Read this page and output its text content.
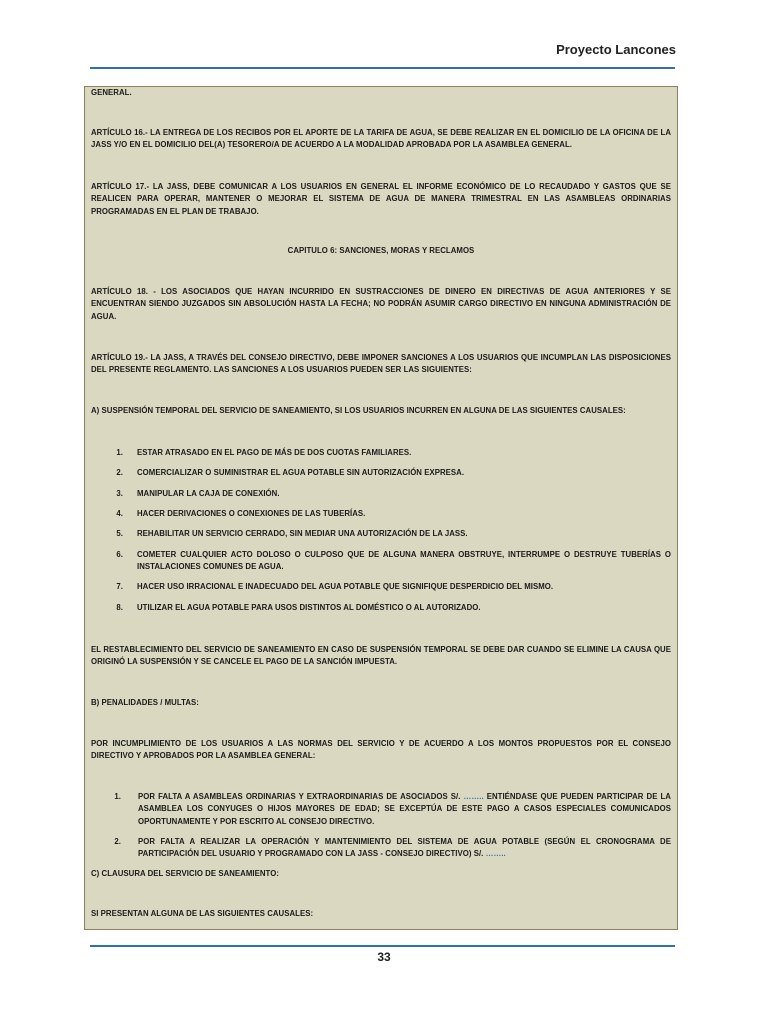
Proyecto Lancones
GENERAL.
ARTÍCULO 16.- LA ENTREGA DE LOS RECIBOS POR EL APORTE DE LA TARIFA DE AGUA, SE DEBE REALIZAR EN EL DOMICILIO DE LA OFICINA DE LA JASS Y/O EN EL DOMICILIO DEL(A) TESORERO/A DE ACUERDO A LA MODALIDAD APROBADA POR LA ASAMBLEA GENERAL.
ARTÍCULO 17.- LA JASS, DEBE COMUNICAR A LOS USUARIOS EN GENERAL EL INFORME ECONÓMICO DE LO RECAUDADO Y GASTOS QUE SE REALICEN PARA OPERAR, MANTENER O MEJORAR EL SISTEMA DE AGUA DE MANERA TRIMESTRAL EN LAS ASAMBLEAS ORDINARIAS PROGRAMADAS EN EL PLAN DE TRABAJO.
CAPITULO 6: SANCIONES, MORAS Y RECLAMOS
ARTÍCULO 18. - LOS ASOCIADOS QUE HAYAN INCURRIDO EN SUSTRACCIONES DE DINERO EN DIRECTIVAS DE AGUA ANTERIORES Y SE ENCUENTRAN SIENDO JUZGADOS SIN ABSOLUCIÓN HASTA LA FECHA; NO PODRÁN ASUMIR CARGO DIRECTIVO EN NINGUNA ADMINISTRACIÓN DE AGUA.
ARTÍCULO 19.- LA JASS, A TRAVÉS DEL CONSEJO DIRECTIVO, DEBE IMPONER SANCIONES A LOS USUARIOS QUE INCUMPLAN LAS DISPOSICIONES DEL PRESENTE REGLAMENTO. LAS SANCIONES A LOS USUARIOS PUEDEN SER LAS SIGUIENTES:
A) SUSPENSIÓN TEMPORAL DEL SERVICIO DE SANEAMIENTO, SI LOS USUARIOS INCURREN EN ALGUNA DE LAS SIGUIENTES CAUSALES:
1. ESTAR ATRASADO EN EL PAGO DE MÁS DE DOS CUOTAS FAMILIARES.
2. COMERCIALIZAR O SUMINISTRAR EL AGUA POTABLE SIN AUTORIZACIÓN EXPRESA.
3. MANIPULAR LA CAJA DE CONEXIÓN.
4. HACER DERIVACIONES O CONEXIONES DE LAS TUBERÍAS.
5. REHABILITAR UN SERVICIO CERRADO, SIN MEDIAR UNA AUTORIZACIÓN DE LA JASS.
6. COMETER CUALQUIER ACTO DOLOSO O CULPOSO QUE DE ALGUNA MANERA OBSTRUYE, INTERRUMPE O DESTRUYE TUBERÍAS O INSTALACIONES COMUNES DE AGUA.
7. HACER USO IRRACIONAL E INADECUADO DEL AGUA POTABLE QUE SIGNIFIQUE DESPERDICIO DEL MISMO.
8. UTILIZAR EL AGUA POTABLE PARA USOS DISTINTOS AL DOMÉSTICO O AL AUTORIZADO.
EL RESTABLECIMIENTO DEL SERVICIO DE SANEAMIENTO EN CASO DE SUSPENSIÓN TEMPORAL SE DEBE DAR CUANDO SE ELIMINE LA CAUSA QUE ORIGINÓ LA SUSPENSIÓN Y SE CANCELE EL PAGO DE LA SANCIÓN IMPUESTA.
B) PENALIDADES / MULTAS:
POR INCUMPLIMIENTO DE LOS USUARIOS A LAS NORMAS DEL SERVICIO Y DE ACUERDO A LOS MONTOS PROPUESTOS POR EL CONSEJO DIRECTIVO Y APROBADOS POR LA ASAMBLEA GENERAL:
1. POR FALTA A ASAMBLEAS ORDINARIAS Y EXTRAORDINARIAS DE ASOCIADOS S/. …….. ENTIÉNDASE QUE PUEDEN PARTICIPAR DE LA ASAMBLEA LOS CONYUGES O HIJOS MAYORES DE EDAD; SE EXCEPTÚA DE ESTE PAGO A CASOS ESPECIALES COMUNICADOS OPORTUNAMENTE Y POR ESCRITO AL CONSEJO DIRECTIVO.
2. POR FALTA A REALIZAR LA OPERACIÓN Y MANTENIMIENTO DEL SISTEMA DE AGUA POTABLE (SEGÚN EL CRONOGRAMA DE PARTICIPACIÓN DEL USUARIO Y PROGRAMADO CON LA JASS - CONSEJO DIRECTIVO) S/. ……..
C) CLAUSURA DEL SERVICIO DE SANEAMIENTO:
SI PRESENTAN ALGUNA DE LAS SIGUIENTES CAUSALES:
33
